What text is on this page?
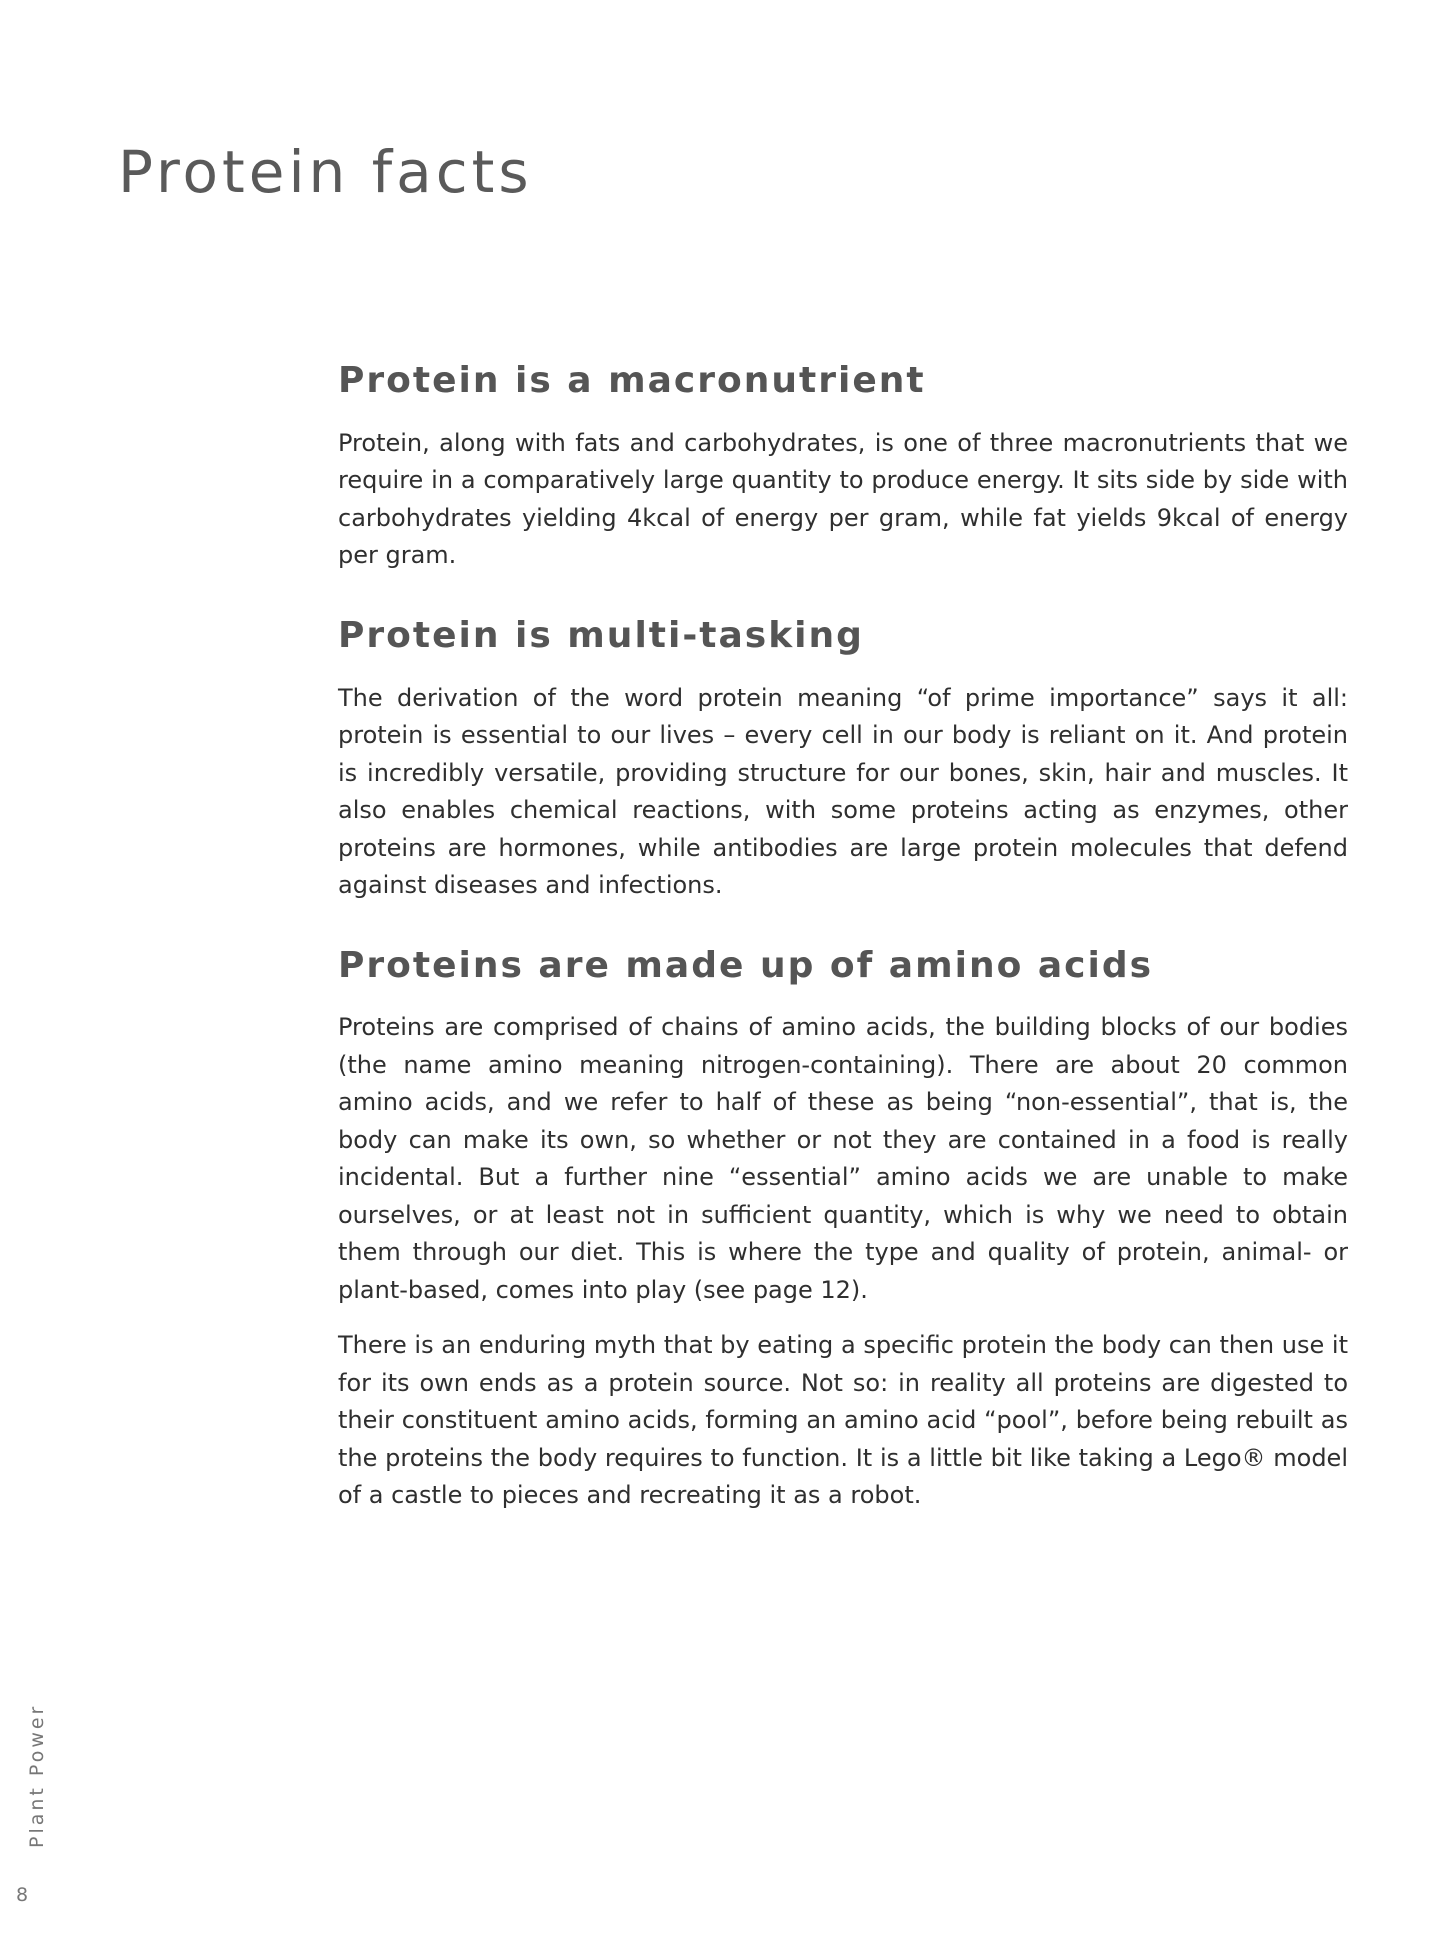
Protein facts
Protein is a macronutrient

Protein, along with fats and carbohydrates, is one of three macronutrients that we require in a comparatively large quantity to produce energy. It sits side by side with carbohydrates yielding 4kcal of energy per gram, while fat yields 9kcal of energy per gram.

Protein is multi-tasking

The derivation of the word protein meaning “of prime importance” says it all: protein is essential to our lives – every cell in our body is reliant on it. And protein is incredibly versatile, providing structure for our bones, skin, hair and muscles. It also enables chemical reactions, with some proteins acting as enzymes, other proteins are hormones, while antibodies are large protein molecules that defend against diseases and infections.

Proteins are made up of amino acids

Proteins are comprised of chains of amino acids, the building blocks of our bodies (the name amino meaning nitrogen-containing). There are about 20 common amino acids, and we refer to half of these as being “non-essential”, that is, the body can make its own, so whether or not they are contained in a food is really incidental. But a further nine “essential” amino acids we are unable to make ourselves, or at least not in sufficient quantity, which is why we need to obtain them through our diet. This is where the type and quality of protein, animal- or plant-based, comes into play (see page 12).

There is an enduring myth that by eating a specific protein the body can then use it for its own ends as a protein source. Not so: in reality all proteins are digested to their constituent amino acids, forming an amino acid “pool”, before being rebuilt as the proteins the body requires to function. It is a little bit like taking a Lego® model of a castle to pieces and recreating it as a robot.

Plant Power
8
